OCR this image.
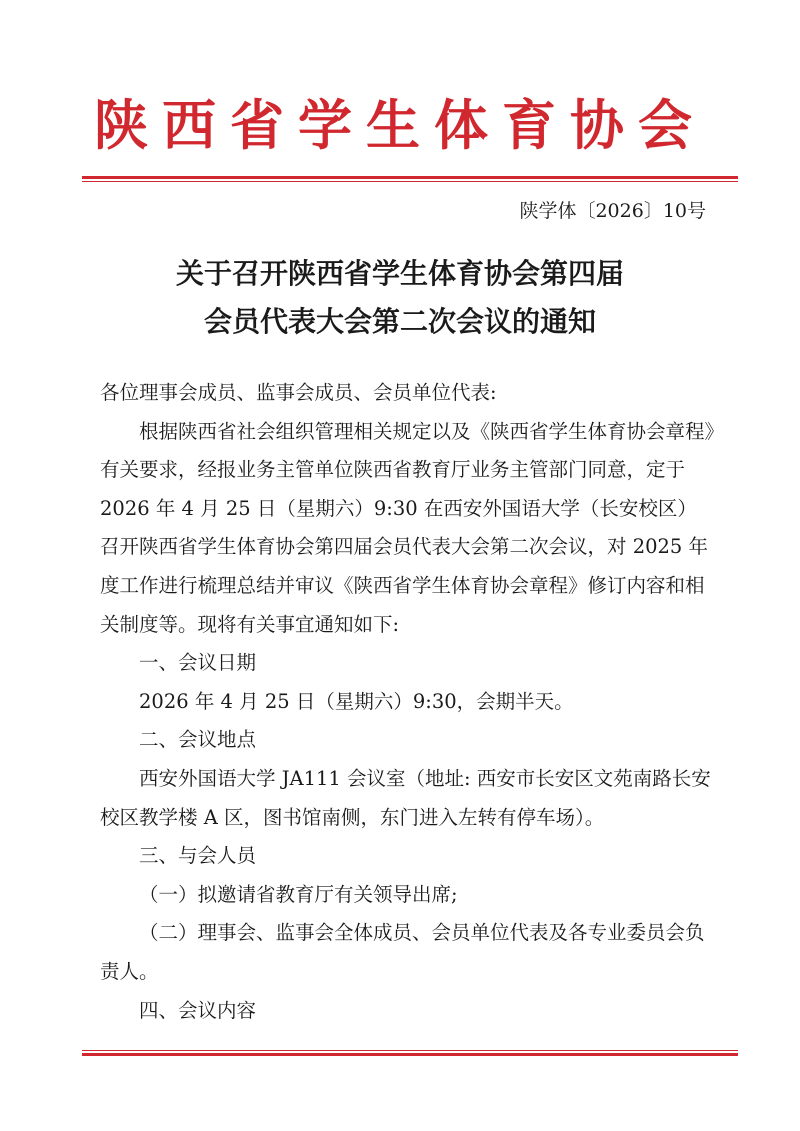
陕西省学生体育协会
陕学体〔2026〕10号
关于召开陕西省学生体育协会第四届
会员代表大会第二次会议的通知

各位理事会成员、监事会成员、会员单位代表:

根据陕西省社会组织管理相关规定以及《陕西省学生体育协会章程》有关要求，经报业务主管单位陕西省教育厅业务主管部门同意，定于 2026 年 4 月 25 日（星期六）9:30 在西安外国语大学（长安校区）召开陕西省学生体育协会第四届会员代表大会第二次会议，对 2025 年度工作进行梳理总结并审议《陕西省学生体育协会章程》修订内容和相关制度等。现将有关事宜通知如下:

一、会议日期

2026 年 4 月 25 日（星期六）9:30，会期半天。

二、会议地点

西安外国语大学 JA111 会议室（地址: 西安市长安区文苑南路长安校区教学楼 A 区，图书馆南侧，东门进入左转有停车场）。

三、与会人员

（一）拟邀请省教育厅有关领导出席;

（二）理事会、监事会全体成员、会员单位代表及各专业委员会负责人。

四、会议内容
